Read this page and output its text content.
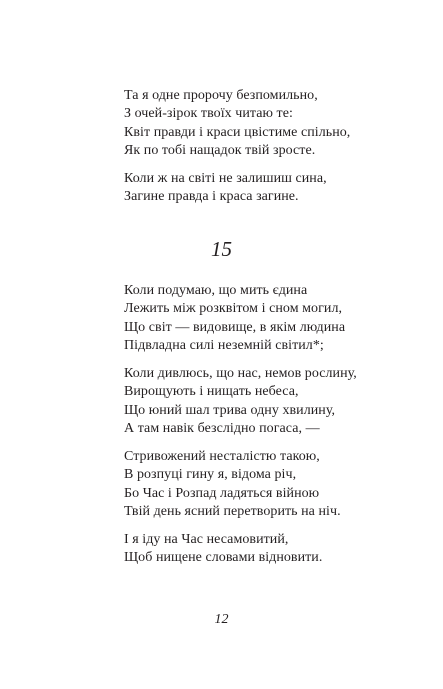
Та я одне пророчу безпомильно,
З очей-зірок твоїх читаю те:
Квіт правди і краси цвістиме спільно,
Як по тобі нащадок твій зросте.
Коли ж на світі не залишиш сина,
Загине правда і краса загине.
15
Коли подумаю, що мить єдина
Лежить між розквітом і сном могил,
Що світ — видовище, в якім людина
Підвладна силі неземній світил*;
Коли дивлюсь, що нас, немов рослину,
Вирощують і нищать небеса,
Що юний шал трива одну хвилину,
А там навік безслідно погаса, —
Стривожений несталістю такою,
В розпуці гину я, відома річ,
Бо Час і Розпад ладяться війною
Твій день ясний перетворить на ніч.
І я іду на Час несамовитий,
Щоб нищене словами відновити.
12
